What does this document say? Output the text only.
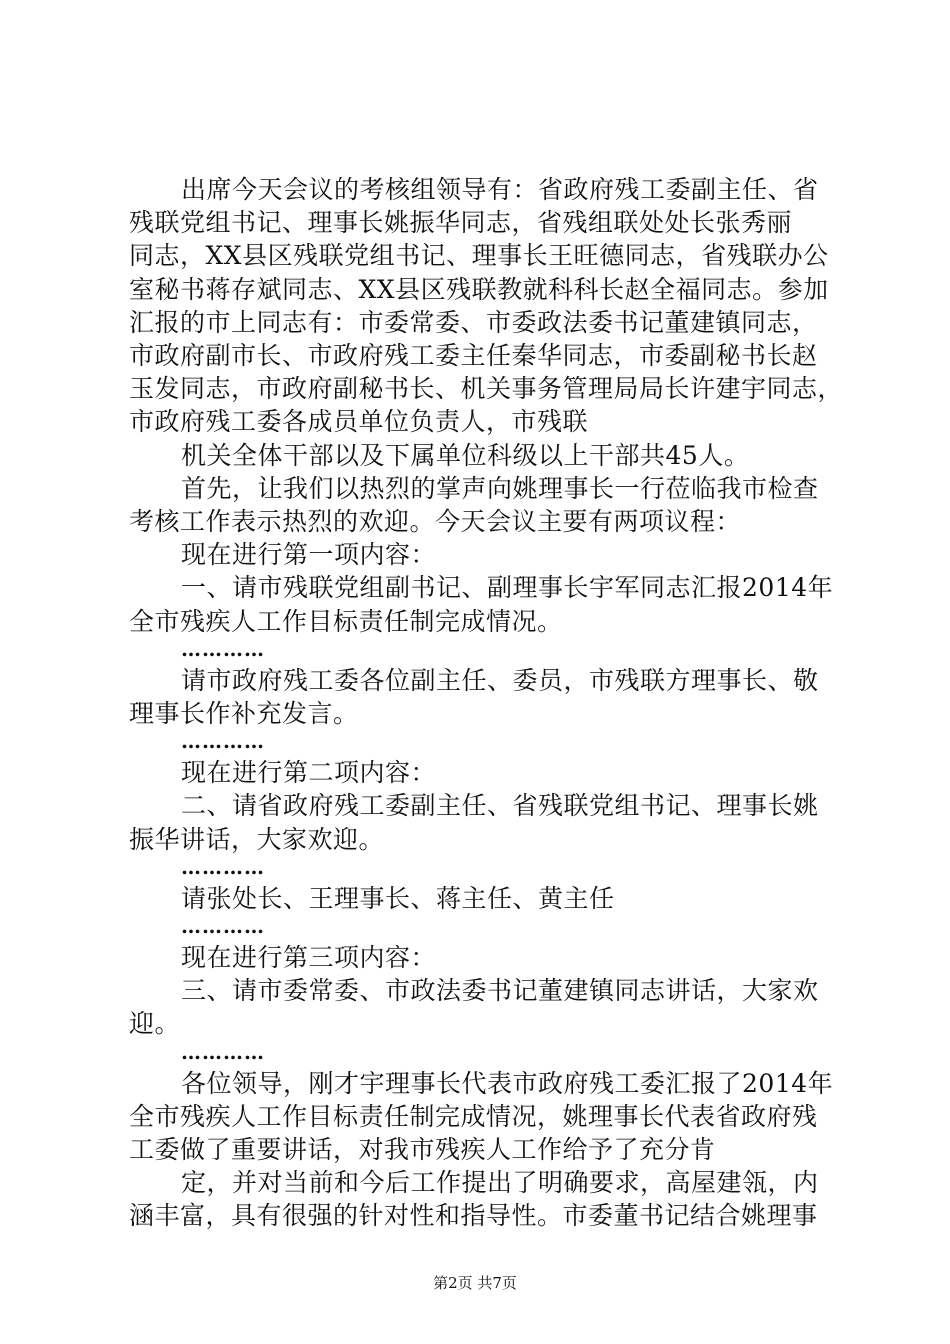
出席今天会议的考核组领导有：省政府残工委副主任、省
残联党组书记、理事长姚振华同志，省残组联处处长张秀丽
同志，XX县区残联党组书记、理事长王旺德同志，省残联办公
室秘书蒋存斌同志、XX县区残联教就科科长赵全福同志。参加
汇报的市上同志有：市委常委、市委政法委书记董建镇同志，
市政府副市长、市政府残工委主任秦华同志，市委副秘书长赵
玉发同志，市政府副秘书长、机关事务管理局局长许建宇同志，
市政府残工委各成员单位负责人，市残联
机关全体干部以及下属单位科级以上干部共45人。
首先，让我们以热烈的掌声向姚理事长一行莅临我市检查
考核工作表示热烈的欢迎。今天会议主要有两项议程：
现在进行第一项内容：
一、请市残联党组副书记、副理事长宇军同志汇报2014年
全市残疾人工作目标责任制完成情况。
…………
请市政府残工委各位副主任、委员，市残联方理事长、敬
理事长作补充发言。
…………
现在进行第二项内容：
二、请省政府残工委副主任、省残联党组书记、理事长姚
振华讲话，大家欢迎。
…………
请张处长、王理事长、蒋主任、黄主任
…………
现在进行第三项内容：
三、请市委常委、市政法委书记董建镇同志讲话，大家欢
迎。
…………
各位领导，刚才宇理事长代表市政府残工委汇报了2014年
全市残疾人工作目标责任制完成情况，姚理事长代表省政府残
工委做了重要讲话，对我市残疾人工作给予了充分肯
定，并对当前和今后工作提出了明确要求，高屋建瓴，内
涵丰富，具有很强的针对性和指导性。市委董书记结合姚理事
第2页 共7页
